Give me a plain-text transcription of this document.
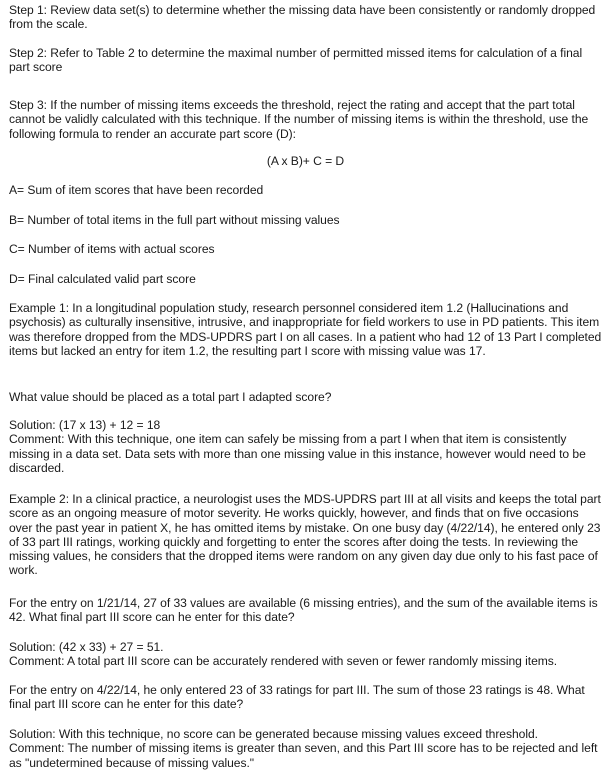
Step 1: Review data set(s) to determine whether the missing data have been consistently or randomly dropped from the scale.

Step 2: Refer to Table 2 to determine the maximal number of permitted missed items for calculation of a final part score

Step 3: If the number of missing items exceeds the threshold, reject the rating and accept that the part total cannot be validly calculated with this technique. If the number of missing items is within the threshold, use the following formula to render an accurate part score (D):

(A x B)+ C = D

A= Sum of item scores that have been recorded

B= Number of total items in the full part without missing values

C= Number of items with actual scores

D= Final calculated valid part score

Example 1: In a longitudinal population study, research personnel considered item 1.2 (Hallucinations and psychosis) as culturally insensitive, intrusive, and inappropriate for field workers to use in PD patients. This item was therefore dropped from the MDS-UPDRS part I on all cases. In a patient who had 12 of 13 Part I completed items but lacked an entry for item 1.2, the resulting part I score with missing value was 17.

What value should be placed as a total part I adapted score?

Solution: (17 x 13) + 12 = 18
Comment: With this technique, one item can safely be missing from a part I when that item is consistently missing in a data set. Data sets with more than one missing value in this instance, however would need to be discarded.

Example 2: In a clinical practice, a neurologist uses the MDS-UPDRS part III at all visits and keeps the total part score as an ongoing measure of motor severity. He works quickly, however, and finds that on five occasions over the past year in patient X, he has omitted items by mistake. On one busy day (4/22/14), he entered only 23 of 33 part III ratings, working quickly and forgetting to enter the scores after doing the tests. In reviewing the missing values, he considers that the dropped items were random on any given day due only to his fast pace of work.

For the entry on 1/21/14, 27 of 33 values are available (6 missing entries), and the sum of the available items is 42. What final part III score can he enter for this date?

Solution: (42 x 33) + 27 = 51.
Comment: A total part III score can be accurately rendered with seven or fewer randomly missing items.

For the entry on 4/22/14, he only entered 23 of 33 ratings for part III. The sum of those 23 ratings is 48. What final part III score can he enter for this date?

Solution: With this technique, no score can be generated because missing values exceed threshold.
Comment: The number of missing items is greater than seven, and this Part III score has to be rejected and left as "undetermined because of missing values."
